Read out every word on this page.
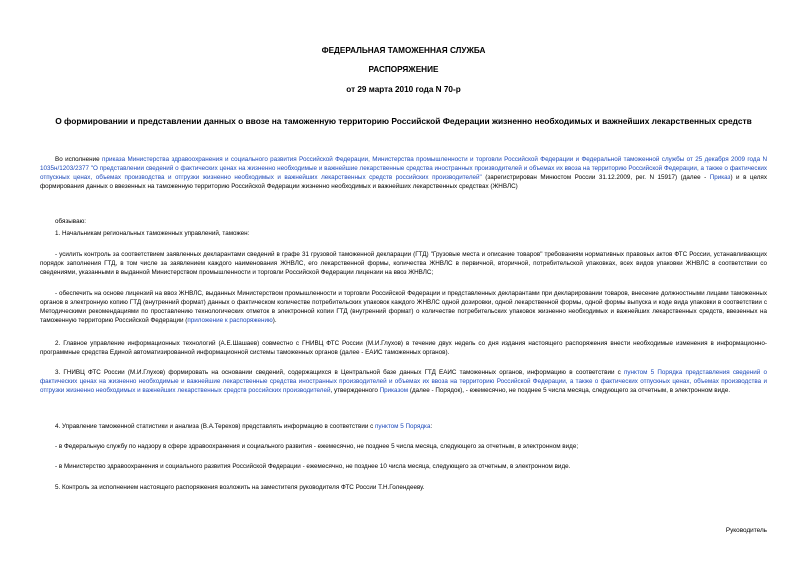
ФЕДЕРАЛЬНАЯ ТАМОЖЕННАЯ СЛУЖБА
РАСПОРЯЖЕНИЕ
от 29 марта 2010 года N 70-р
О формировании и представлении данных о ввозе на таможенную территорию Российской Федерации жизненно необходимых и важнейших лекарственных средств

Во исполнение приказа Министерства здравоохранения и социального развития Российской Федерации, Министерства промышленности и торговли Российской Федерации и Федеральной таможенной службы от 25 декабря 2009 года N 1035н/1203/2377 "О представлении сведений о фактических ценах на жизненно необходимые и важнейшие лекарственные средства иностранных производителей и объемах их ввоза на территорию Российской Федерации, а также о фактических отпускных ценах, объемах производства и отгрузки жизненно необходимых и важнейших лекарственных средств российских производителей" (зарегистрирован Минюстом России 31.12.2009, рег. N 15917) (далее - Приказ) и в целях формирования данных о ввезенных на таможенную территорию Российской Федерации жизненно необходимых и важнейших лекарственных средствах (ЖНВЛС)

обязываю:

1. Начальникам региональных таможенных управлений, таможен:

- усилить контроль за соответствием заявленных декларантами сведений в графе 31 грузовой таможенной декларации (ГТД) "Грузовые места и описание товаров" требованиям нормативных правовых актов ФТС России, устанавливающих порядок заполнения ГТД, в том числе за заявлением каждого наименования ЖНВЛС, его лекарственной формы, количества ЖНВЛС в первичной, вторичной, потребительской упаковках, всех видов упаковки ЖНВЛС в соответствии со сведениями, указанными в выданной Министерством промышленности и торговли Российской Федерации лицензии на ввоз ЖНВЛС;

- обеспечить на основе лицензий на ввоз ЖНВЛС, выданных Министерством промышленности и торговли Российской Федерации и представленных декларантами при декларировании товаров, внесение должностными лицами таможенных органов в электронную копию ГТД (внутренний формат) данных о фактическом количестве потребительских упаковок каждого ЖНВЛС одной дозировки, одной лекарственной формы, одной формы выпуска и коде вида упаковки в соответствии с Методическими рекомендациями по проставлению технологических отметок в электронной копии ГТД (внутренний формат) о количестве потребительских упаковок жизненно необходимых и важнейших лекарственных средств, ввезенных на таможенную территорию Российской Федерации (приложение к распоряжению).

2. Главное управление информационных технологий (А.Е.Шашаев) совместно с ГНИВЦ ФТС России (М.И.Глухов) в течение двух недель со дня издания настоящего распоряжения внести необходимые изменения в информационно-программные средства Единой автоматизированной информационной системы таможенных органов (далее - ЕАИС таможенных органов).

3. ГНИВЦ ФТС России (М.И.Глухов) формировать на основании сведений, содержащихся в Центральной базе данных ГТД ЕАИС таможенных органов, информацию в соответствии с пунктом 5 Порядка представления сведений о фактических ценах на жизненно необходимые и важнейшие лекарственные средства иностранных производителей и объемах их ввоза на территорию Российской Федерации, а также о фактических отпускных ценах, объемах производства и отгрузки жизненно необходимых и важнейших лекарственных средств российских производителей, утвержденного Приказом (далее - Порядок), - ежемесячно, не позднее 5 числа месяца, следующего за отчетным, в электронном виде.

4. Управление таможенной статистики и анализа (В.А.Терехов) представлять информацию в соответствии с пунктом 5 Порядка:

- в Федеральную службу по надзору в сфере здравоохранения и социального развития - ежемесячно, не позднее 5 числа месяца, следующего за отчетным, в электронном виде;

- в Министерство здравоохранения и социального развития Российской Федерации - ежемесячно, не позднее 10 числа месяца, следующего за отчетным, в электронном виде.

5. Контроль за исполнением настоящего распоряжения возложить на заместителя руководителя ФТС России Т.Н.Голендееву.

Руководитель
